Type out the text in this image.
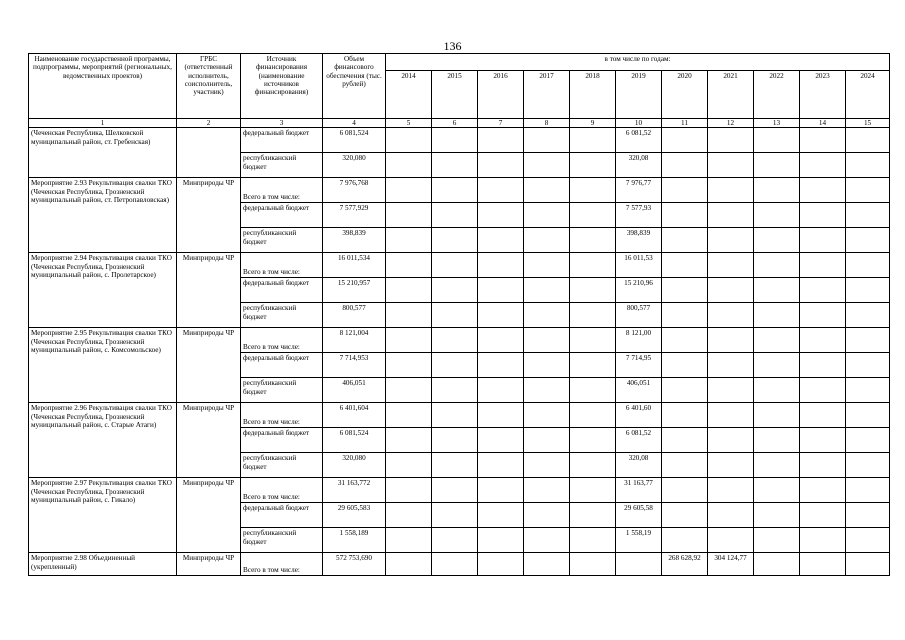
136
Наименование государственной программы, подпрограммы, мероприятий (региональных, ведомственных проектов)	ГРБС (ответственный исполнитель, соисполнитель, участник)	Источник финансирования (наименование источников финансирования)	Объем финансового обеспечения (тыс. рублей)	в том числе по годам:										
				2014	2015	2016	2017	2018	2019	2020	2021	2022	2023	2024
1	2	3	4	5	6	7	8	9	10	11	12	13	14	15
(Чеченская Республика, Шелковской муниципальный район, ст. Гребенская)		федеральный бюджет	6 081,524						6 081,52					
		республиканский бюджет	320,080						320,08					
Мероприятие 2.93 Рекультивация свалки ТКО (Чеченская Республика, Грозненский муниципальный район, ст. Петропавловская)	Минприроды ЧР	Всего в том числе:	7 976,768						7 976,77					
		федеральный бюджет	7 577,929						7 577,93					
		республиканский бюджет	398,839						398,839					
Мероприятие 2.94 Рекультивация свалки ТКО (Чеченская Республика, Грозненский муниципальный район, с. Пролетарское)	Минприроды ЧР	Всего в том числе:	16 011,534						16 011,53					
		федеральный бюджет	15 210,957						15 210,96					
		республиканский бюджет	800,577						800,577					
Мероприятие 2.95 Рекультивация свалки ТКО (Чеченская Республика, Грозненский муниципальный район, с. Комсомольское)	Минприроды ЧР	Всего в том числе:	8 121,004						8 121,00					
		федеральный бюджет	7 714,953						7 714,95					
		республиканский бюджет	406,051						406,051					
Мероприятие 2.96 Рекультивация свалки ТКО (Чеченская Республика, Грозненский муниципальный район, с. Старые Атаги)	Минприроды ЧР	Всего в том числе:	6 401,604						6 401,60					
		федеральный бюджет	6 081,524						6 081,52					
		республиканский бюджет	320,080						320,08					
Мероприятие 2.97 Рекультивация свалки ТКО (Чеченская Республика, Грозненский муниципальный район, с. Гикало)	Минприроды ЧР	Всего в том числе:	31 163,772						31 163,77					
		федеральный бюджет	29 605,583						29 605,58					
		республиканский бюджет	1 558,189						1 558,19					
Мероприятие 2.98 Объединенный (укрепленный)	Минприроды ЧР	Всего в том числе:	572 753,690							268 628,92	304 124,77			
